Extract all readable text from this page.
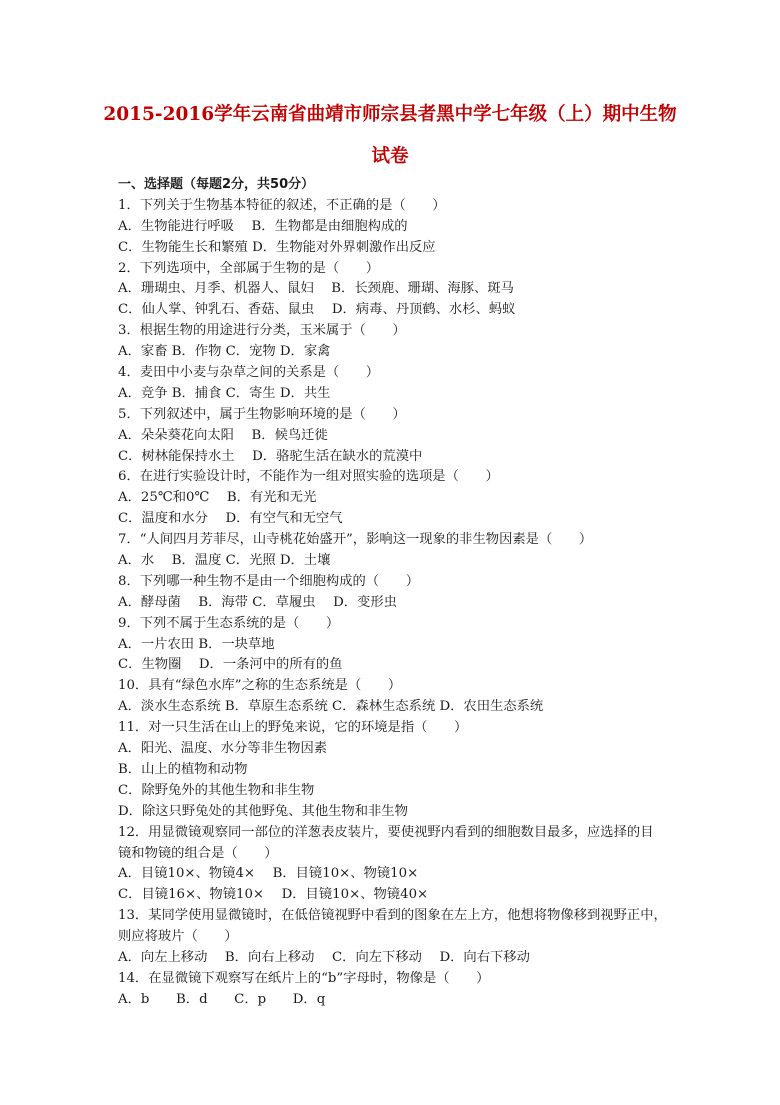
2015-2016学年云南省曲靖市师宗县者黑中学七年级（上）期中生物
试卷
一、选择题（每题2分，共50分）
1．下列关于生物基本特征的叙述，不正确的是（　　）
A．生物能进行呼吸　 B．生物都是由细胞构成的
C．生物能生长和繁殖 D．生物能对外界刺激作出反应
2．下列选项中，全部属于生物的是（　　）
A．珊瑚虫、月季、机器人、鼠妇　 B．长颈鹿、珊瑚、海豚、斑马
C．仙人掌、钟乳石、香菇、鼠虫　 D．病毒、丹顶鹤、水杉、蚂蚁
3．根据生物的用途进行分类，玉米属于（　　）
A．家畜 B．作物 C．宠物 D．家禽
4．麦田中小麦与杂草之间的关系是（　　）
A．竞争 B．捕食 C．寄生 D．共生
5．下列叙述中，属于生物影响环境的是（　　）
A．朵朵葵花向太阳　 B．候鸟迁徙
C．树林能保持水土　 D．骆驼生活在缺水的荒漠中
6．在进行实验设计时，不能作为一组对照实验的选项是（　　）
A．25℃和0℃　 B．有光和无光
C．温度和水分　 D．有空气和无空气
7．“人间四月芳菲尽，山寺桃花始盛开”，影响这一现象的非生物因素是（　　）
A．水　 B．温度 C．光照 D．土壤
8．下列哪一种生物不是由一个细胞构成的（　　）
A．酵母菌　 B．海带 C．草履虫　 D．变形虫
9．下列不属于生态系统的是（　　）
A．一片农田 B．一块草地
C．生物圈　 D．一条河中的所有的鱼
10．具有“绿色水库”之称的生态系统是（　　）
A．淡水生态系统 B．草原生态系统 C．森林生态系统 D．农田生态系统
11．对一只生活在山上的野兔来说，它的环境是指（　　）
A．阳光、温度、水分等非生物因素
B．山上的植物和动物
C．除野兔外的其他生物和非生物
D．除这只野兔处的其他野兔、其他生物和非生物
12．用显微镜观察同一部位的洋葱表皮装片，要使视野内看到的细胞数目最多，应选择的目
镜和物镜的组合是（　　）
A．目镜10×、物镜4×　 B．目镜10×、物镜10×
C．目镜16×、物镜10×　 D．目镜10×、物镜40×
13．某同学使用显微镜时，在低倍镜视野中看到的图象在左上方，他想将物像移到视野正中，
则应将玻片（　　）
A．向左上移动　 B．向右上移动　 C．向左下移动　 D．向右下移动
14．在显微镜下观察写在纸片上的“b”字母时，物像是（　　）
A．b　　B．d　　C．p　　D．q
